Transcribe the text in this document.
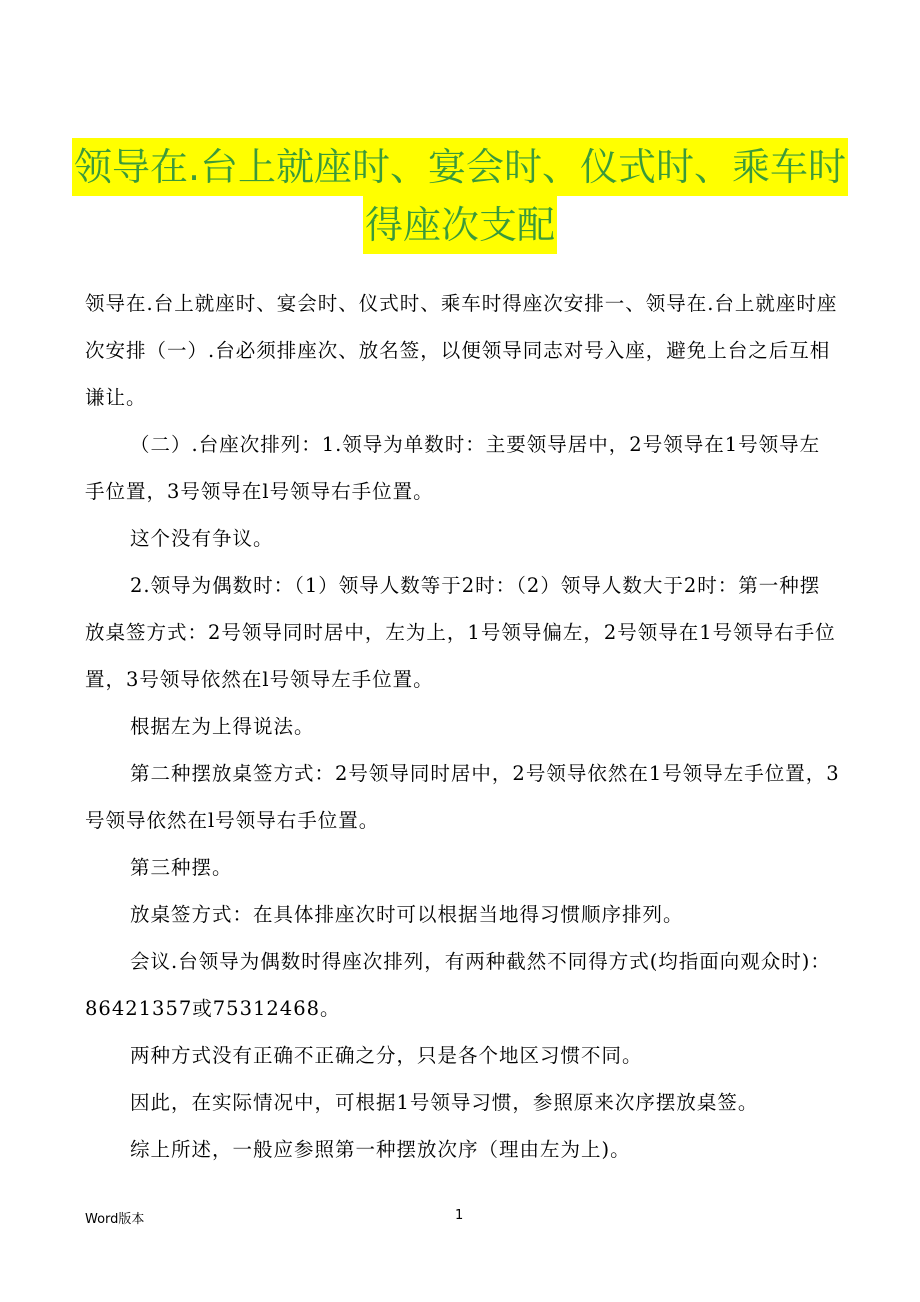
领导在.台上就座时、宴会时、仪式时、乘车时
得座次支配

领导在.台上就座时、宴会时、仪式时、乘车时得座次安排一、领导在.台上就座时座次安排（一）.台必须排座次、放名签，以便领导同志对号入座，避免上台之后互相谦让。

（二）.台座次排列：1.领导为单数时：主要领导居中，2号领导在1号领导左手位置，3号领导在l号领导右手位置。

这个没有争议。

2.领导为偶数时：（1）领导人数等于2时：（2）领导人数大于2时：第一种摆放桌签方式：2号领导同时居中，左为上，1号领导偏左，2号领导在1号领导右手位置，3号领导依然在l号领导左手位置。

根据左为上得说法。

第二种摆放桌签方式：2号领导同时居中，2号领导依然在1号领导左手位置，3号领导依然在l号领导右手位置。

第三种摆。

放桌签方式：在具体排座次时可以根据当地得习惯顺序排列。

会议.台领导为偶数时得座次排列，有两种截然不同得方式(均指面向观众时)：86421357或75312468。

两种方式没有正确不正确之分，只是各个地区习惯不同。

因此，在实际情况中，可根据1号领导习惯，参照原来次序摆放桌签。

综上所述，一般应参照第一种摆放次序（理由左为上)。

Word版本	1
